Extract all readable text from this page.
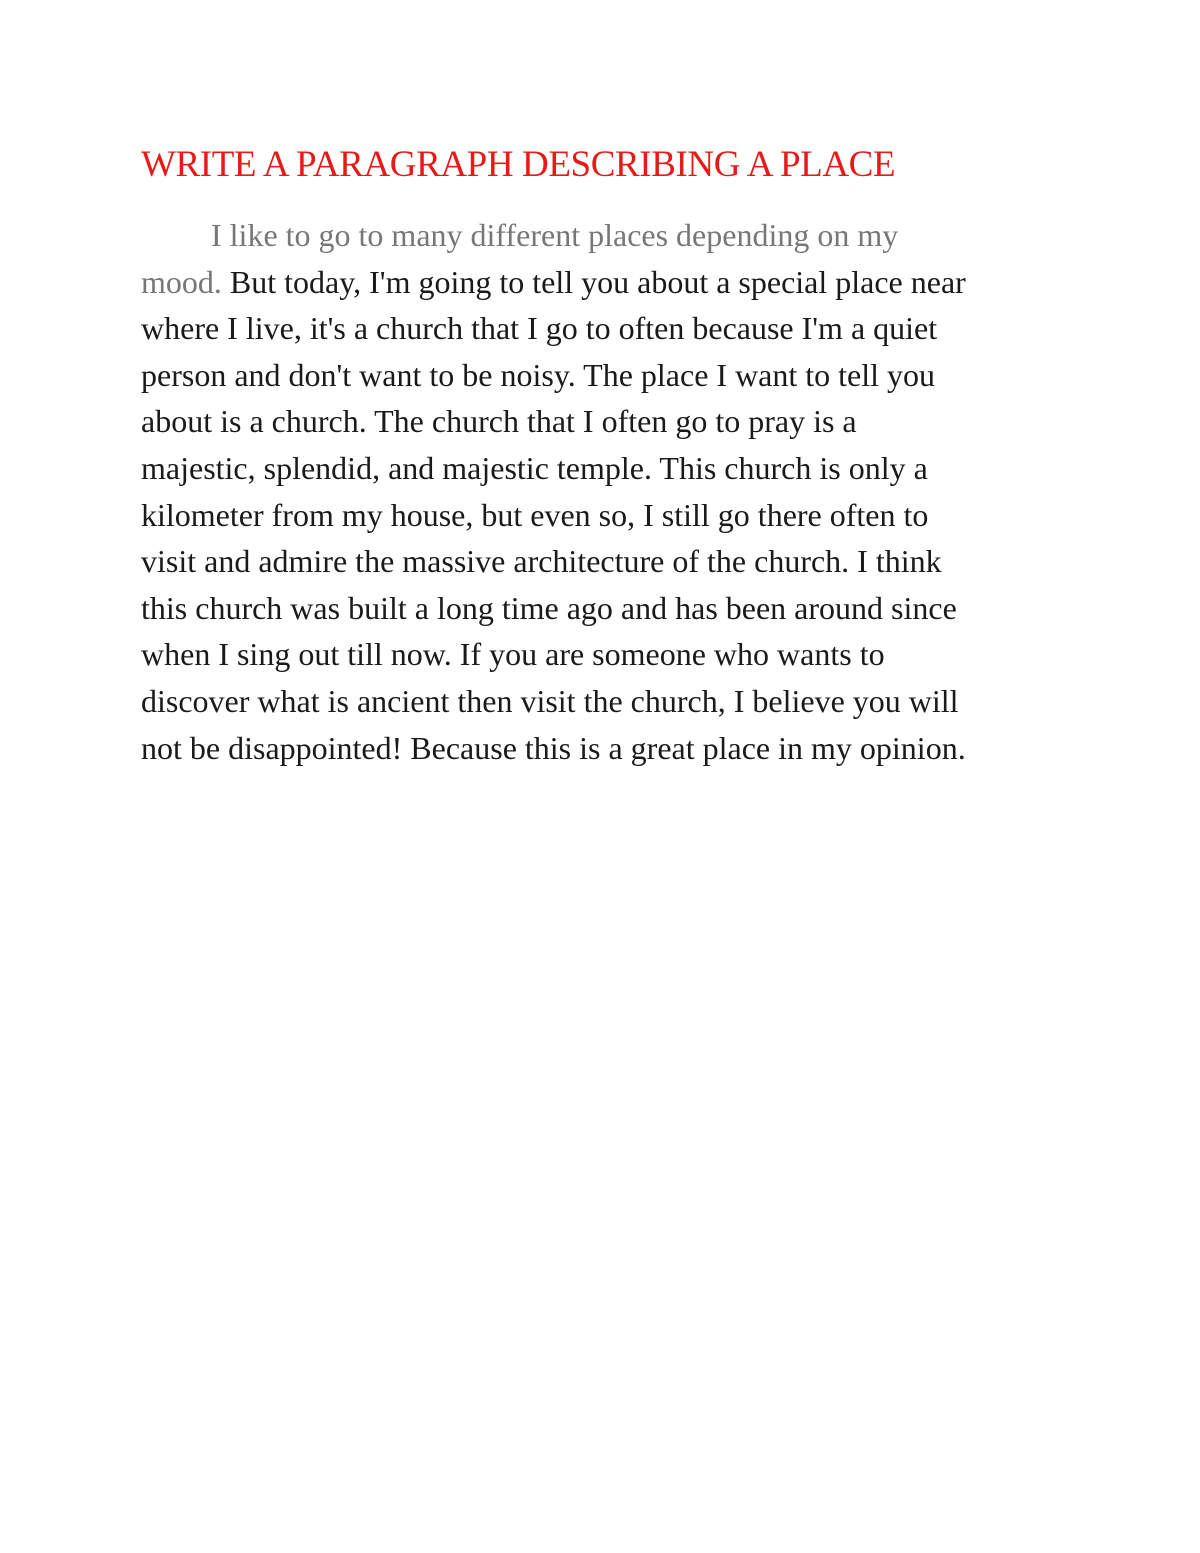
WRITE A PARAGRAPH DESCRIBING A PLACE
I like to go to many different places depending on my
mood. But today, I'm going to tell you about a special place near
where I live, it's a church that I go to often because I'm a quiet
person and don't want to be noisy. The place I want to tell you
about is a church. The church that I often go to pray is a
majestic, splendid, and majestic temple. This church is only a
kilometer from my house, but even so, I still go there often to
visit and admire the massive architecture of the church. I think
this church was built a long time ago and has been around since
when I sing out till now. If you are someone who wants to
discover what is ancient then visit the church, I believe you will
not be disappointed! Because this is a great place in my opinion.
